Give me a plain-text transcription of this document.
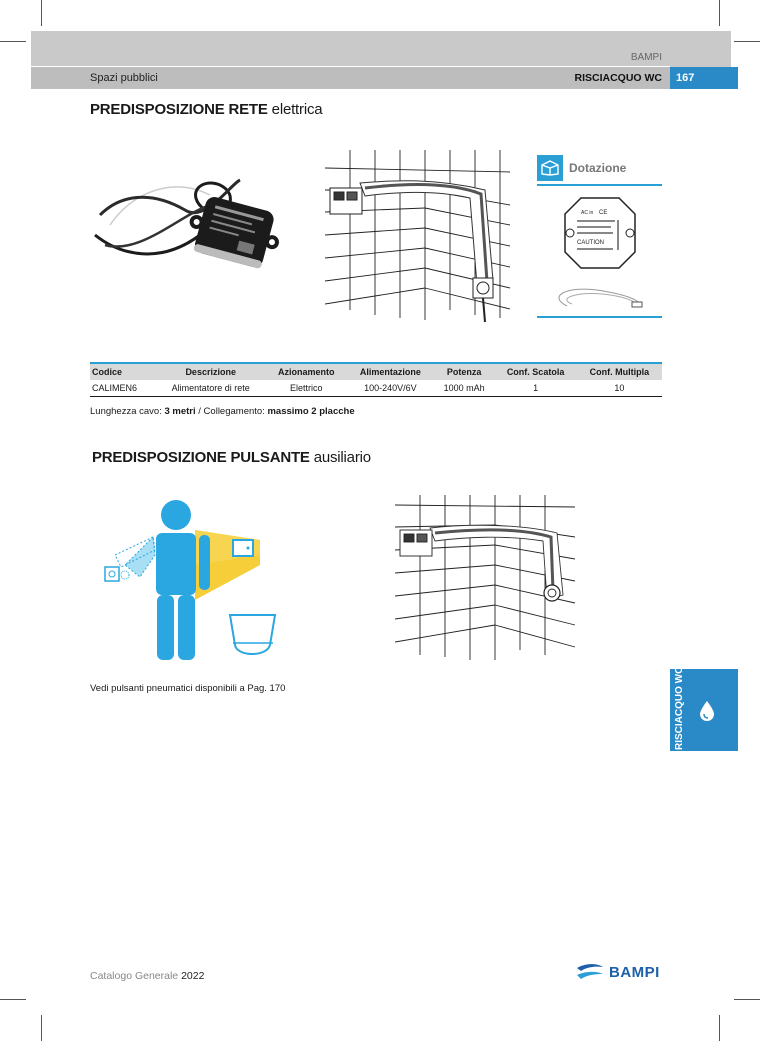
BAMPI
Spazi pubblici	RISCIACQUO WC	167
PREDISPOSIZIONE RETE elettrica
Dotazione
AC in CE
CAUTION
Codice	Descrizione	Azionamento	Alimentazione	Potenza	Conf. Scatola	Conf. Multipla
CALIMEN6	Alimentatore di rete	Elettrico	100-240V/6V	1000 mAh	1	10
Lunghezza cavo: 3 metri / Collegamento: massimo 2 placche
PREDISPOSIZIONE PULSANTE ausiliario
Vedi pulsanti pneumatici disponibili a Pag. 170	RISCIACQUO WC
Catalogo Generale 2022	BAMPI
